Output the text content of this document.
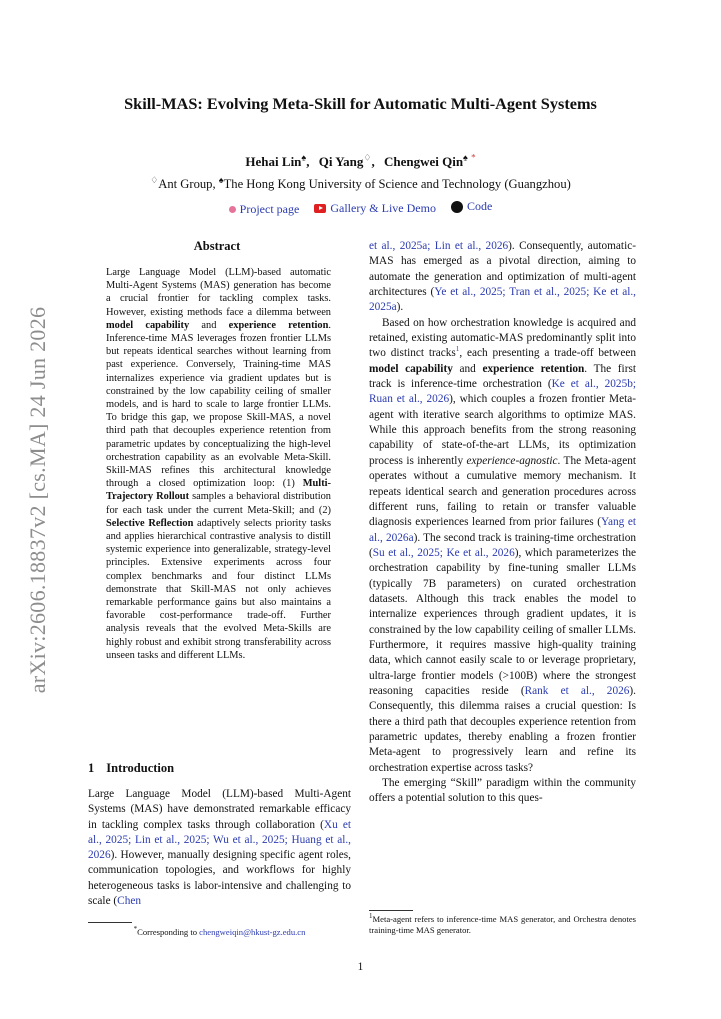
arXiv:2606.18837v2 [cs.MA] 24 Jun 2026
Skill-MAS: Evolving Meta-Skill for Automatic Multi-Agent Systems
Hehai Lin♠, Qi Yang♢, Chengwei Qin♠ *
♢Ant Group, ♠The Hong Kong University of Science and Technology (Guangzhou)
Project page
	Gallery & Live Demo
	Code
Abstract
Large Language Model (LLM)-based automatic Multi-Agent Systems (MAS) generation has become a crucial frontier for tackling complex tasks. However, existing methods face a dilemma between model capability and experience retention. Inference-time MAS leverages frozen frontier LLMs but repeats identical searches without learning from past experience. Conversely, Training-time MAS internalizes experience via gradient updates but is constrained by the low capability ceiling of smaller models, and is hard to scale to large frontier LLMs. To bridge this gap, we propose Skill-MAS, a novel third path that decouples experience retention from parametric updates by conceptualizing the high-level orchestration capability as an evolvable Meta-Skill. Skill-MAS refines this architectural knowledge through a closed optimization loop: (1) Multi-Trajectory Rollout samples a behavioral distribution for each task under the current Meta-Skill; and (2) Selective Reflection adaptively selects priority tasks and applies hierarchical contrastive analysis to distill systemic experience into generalizable, strategy-level principles. Extensive experiments across four complex benchmarks and four distinct LLMs demonstrate that Skill-MAS not only achieves remarkable performance gains but also maintains a favorable cost-performance trade-off. Further analysis reveals that the evolved Meta-Skills are highly robust and exhibit strong transferability across unseen tasks and different LLMs.
1 Introduction
Large Language Model (LLM)-based Multi-Agent Systems (MAS) have demonstrated remarkable efficacy in tackling complex tasks through collaboration (Xu et al., 2025; Lin et al., 2025; Wu et al., 2025; Huang et al., 2026). However, manually designing specific agent roles, communication topologies, and workflows for highly heterogeneous tasks is labor-intensive and challenging to scale (Chen

et al., 2025a; Lin et al., 2026). Consequently, automatic-MAS has emerged as a pivotal direction, aiming to automate the generation and optimization of multi-agent architectures (Ye et al., 2025; Tran et al., 2025; Ke et al., 2025a).

Based on how orchestration knowledge is acquired and retained, existing automatic-MAS predominantly split into two distinct tracks$^1$, each presenting a trade-off between model capability and experience retention. The first track is inference-time orchestration (Ke et al., 2025b; Ruan et al., 2026), which couples a frozen frontier Meta-agent with iterative search algorithms to optimize MAS. While this approach benefits from the strong reasoning capability of state-of-the-art LLMs, its optimization process is inherently experience-agnostic. The Meta-agent operates without a cumulative memory mechanism. It repeats identical search and generation procedures across different runs, failing to retain or transfer valuable diagnosis experiences learned from prior failures (Yang et al., 2026a). The second track is training-time orchestration (Su et al., 2025; Ke et al., 2026), which parameterizes the orchestration capability by fine-tuning smaller LLMs (typically 7B parameters) on curated orchestration datasets. Although this track enables the model to internalize experiences through gradient updates, it is constrained by the low capability ceiling of smaller LLMs. Furthermore, it requires massive high-quality training data, which cannot easily scale to or leverage proprietary, ultra-large frontier models (>100B) where the strongest reasoning capacities reside (Rank et al., 2026). Consequently, this dilemma raises a crucial question: Is there a third path that decouples experience retention from parametric updates, thereby enabling a frozen frontier Meta-agent to progressively learn and refine its orchestration expertise across tasks?

The emerging “Skill” paradigm within the community offers a potential solution to this ques-

*Corresponding to chengweiqin@hkust-gz.edu.cn
$^1$Meta-agent refers to inference-time MAS generator, and Orchestra denotes training-time MAS generator.
1
